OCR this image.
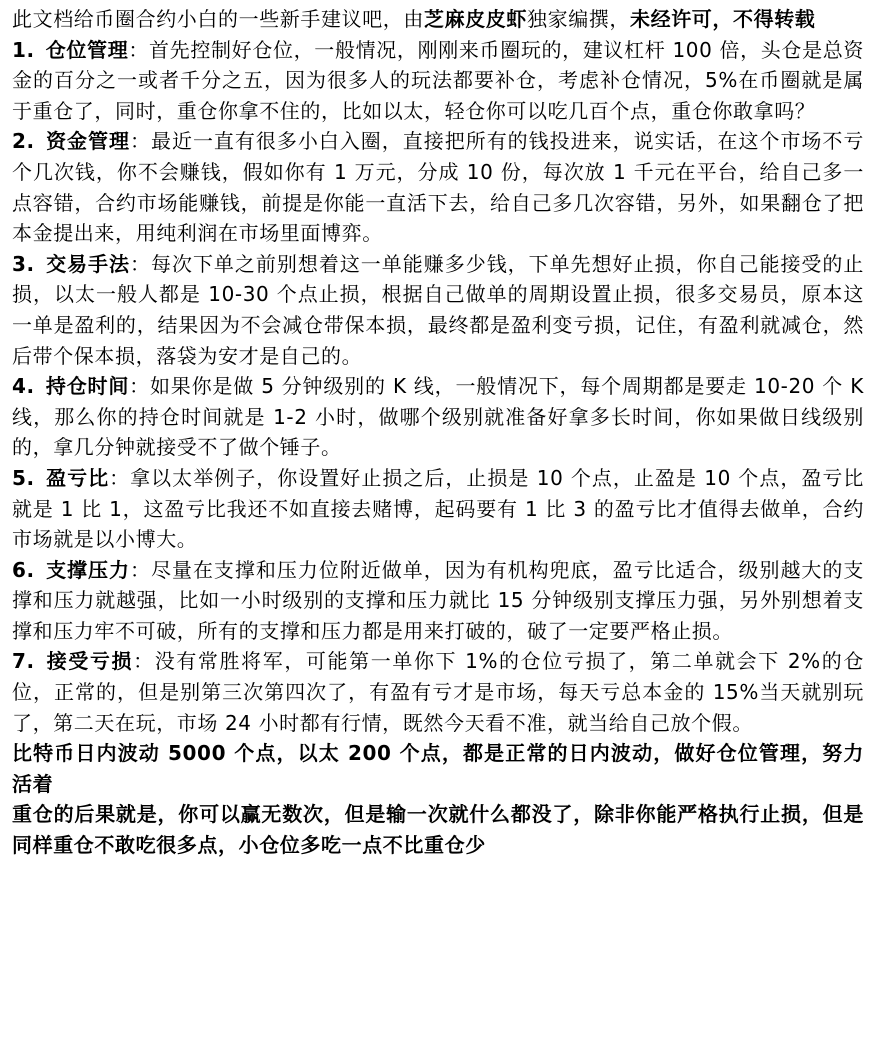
此文档给币圈合约小白的一些新手建议吧，由芝麻皮皮虾独家编撰，未经许可，不得转载

1. 仓位管理：首先控制好仓位，一般情况，刚刚来币圈玩的，建议杠杆 100 倍，头仓是总资金的百分之一或者千分之五，因为很多人的玩法都要补仓，考虑补仓情况，5%在币圈就是属于重仓了，同时，重仓你拿不住的，比如以太，轻仓你可以吃几百个点，重仓你敢拿吗？

2. 资金管理：最近一直有很多小白入圈，直接把所有的钱投进来，说实话，在这个市场不亏个几次钱，你不会赚钱，假如你有 1 万元，分成 10 份，每次放 1 千元在平台，给自己多一点容错，合约市场能赚钱，前提是你能一直活下去，给自己多几次容错，另外，如果翻仓了把本金提出来，用纯利润在市场里面博弈。

3. 交易手法：每次下单之前别想着这一单能赚多少钱，下单先想好止损，你自己能接受的止损，以太一般人都是 10-30 个点止损，根据自己做单的周期设置止损，很多交易员，原本这一单是盈利的，结果因为不会减仓带保本损，最终都是盈利变亏损，记住，有盈利就减仓，然后带个保本损，落袋为安才是自己的。

4. 持仓时间：如果你是做 5 分钟级别的 K 线，一般情况下，每个周期都是要走 10-20 个 K 线，那么你的持仓时间就是 1-2 小时，做哪个级别就准备好拿多长时间，你如果做日线级别的，拿几分钟就接受不了做个锤子。

5. 盈亏比：拿以太举例子，你设置好止损之后，止损是 10 个点，止盈是 10 个点，盈亏比就是 1 比 1，这盈亏比我还不如直接去赌博，起码要有 1 比 3 的盈亏比才值得去做单，合约市场就是以小博大。

6. 支撑压力：尽量在支撑和压力位附近做单，因为有机构兜底，盈亏比适合，级别越大的支撑和压力就越强，比如一小时级别的支撑和压力就比 15 分钟级别支撑压力强，另外别想着支撑和压力牢不可破，所有的支撑和压力都是用来打破的，破了一定要严格止损。

7. 接受亏损：没有常胜将军，可能第一单你下 1%的仓位亏损了，第二单就会下 2%的仓位，正常的，但是别第三次第四次了，有盈有亏才是市场，每天亏总本金的 15%当天就别玩了，第二天在玩，市场 24 小时都有行情，既然今天看不准，就当给自己放个假。

比特币日内波动 5000 个点，以太 200 个点，都是正常的日内波动，做好仓位管理，努力活着

重仓的后果就是，你可以赢无数次，但是输一次就什么都没了，除非你能严格执行止损，但是同样重仓不敢吃很多点，小仓位多吃一点不比重仓少
